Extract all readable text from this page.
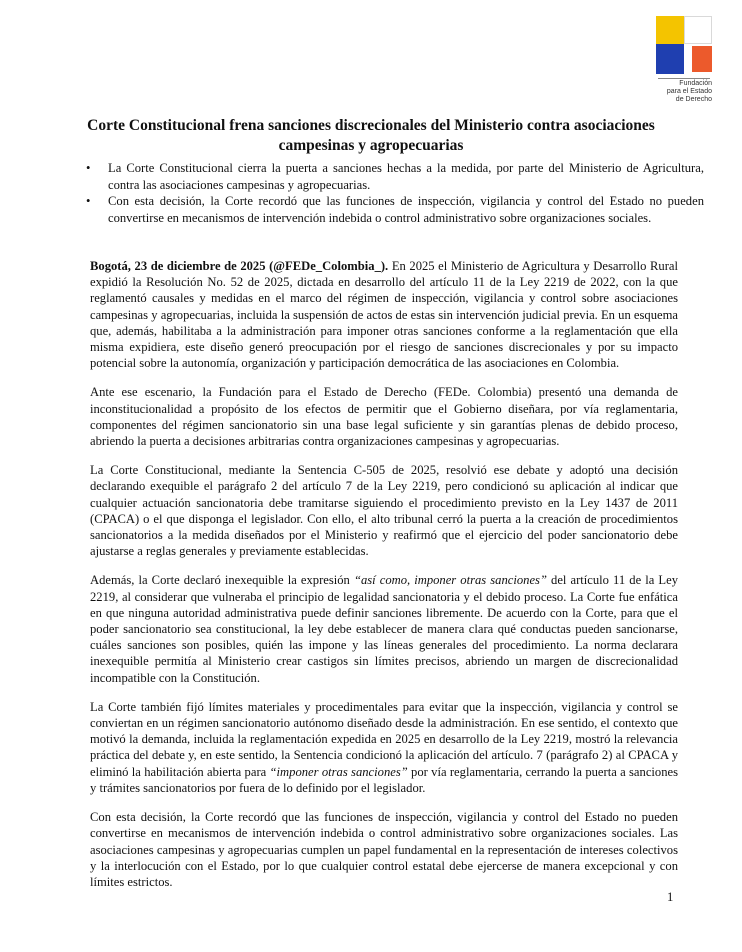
Fundación
para el Estado
de Derecho
Corte Constitucional frena sanciones discrecionales del Ministerio contra asociaciones campesinas y agropecuarias
• La Corte Constitucional cierra la puerta a sanciones hechas a la medida, por parte del Ministerio de Agricultura, contra las asociaciones campesinas y agropecuarias.
• Con esta decisión, la Corte recordó que las funciones de inspección, vigilancia y control del Estado no pueden convertirse en mecanismos de intervención indebida o control administrativo sobre organizaciones sociales.

Bogotá, 23 de diciembre de 2025 (@FEDe_Colombia_). En 2025 el Ministerio de Agricultura y Desarrollo Rural expidió la Resolución No. 52 de 2025, dictada en desarrollo del artículo 11 de la Ley 2219 de 2022, con la que reglamentó causales y medidas en el marco del régimen de inspección, vigilancia y control sobre asociaciones campesinas y agropecuarias, incluida la suspensión de actos de estas sin intervención judicial previa. En un esquema que, además, habilitaba a la administración para imponer otras sanciones conforme a la reglamentación que ella misma expidiera, este diseño generó preocupación por el riesgo de sanciones discrecionales y por su impacto potencial sobre la autonomía, organización y participación democrática de las asociaciones en Colombia.

Ante ese escenario, la Fundación para el Estado de Derecho (FEDe. Colombia) presentó una demanda de inconstitucionalidad a propósito de los efectos de permitir que el Gobierno diseñara, por vía reglamentaria, componentes del régimen sancionatorio sin una base legal suficiente y sin garantías plenas de debido proceso, abriendo la puerta a decisiones arbitrarias contra organizaciones campesinas y agropecuarias.

La Corte Constitucional, mediante la Sentencia C-505 de 2025, resolvió ese debate y adoptó una decisión declarando exequible el parágrafo 2 del artículo 7 de la Ley 2219, pero condicionó su aplicación al indicar que cualquier actuación sancionatoria debe tramitarse siguiendo el procedimiento previsto en la Ley 1437 de 2011 (CPACA) o el que disponga el legislador. Con ello, el alto tribunal cerró la puerta a la creación de procedimientos sancionatorios a la medida diseñados por el Ministerio y reafirmó que el ejercicio del poder sancionatorio debe ajustarse a reglas generales y previamente establecidas.

Además, la Corte declaró inexequible la expresión “así como, imponer otras sanciones” del artículo 11 de la Ley 2219, al considerar que vulneraba el principio de legalidad sancionatoria y el debido proceso. La Corte fue enfática en que ninguna autoridad administrativa puede definir sanciones libremente. De acuerdo con la Corte, para que el poder sancionatorio sea constitucional, la ley debe establecer de manera clara qué conductas pueden sancionarse, cuáles sanciones son posibles, quién las impone y las líneas generales del procedimiento. La norma declarara inexequible permitía al Ministerio crear castigos sin límites precisos, abriendo un margen de discrecionalidad incompatible con la Constitución.

La Corte también fijó límites materiales y procedimentales para evitar que la inspección, vigilancia y control se conviertan en un régimen sancionatorio autónomo diseñado desde la administración. En ese sentido, el contexto que motivó la demanda, incluida la reglamentación expedida en 2025 en desarrollo de la Ley 2219, mostró la relevancia práctica del debate y, en este sentido, la Sentencia condicionó la aplicación del artículo. 7 (parágrafo 2) al CPACA y eliminó la habilitación abierta para “imponer otras sanciones” por vía reglamentaria, cerrando la puerta a sanciones y trámites sancionatorios por fuera de lo definido por el legislador.

Con esta decisión, la Corte recordó que las funciones de inspección, vigilancia y control del Estado no pueden convertirse en mecanismos de intervención indebida o control administrativo sobre organizaciones sociales. Las asociaciones campesinas y agropecuarias cumplen un papel fundamental en la representación de intereses colectivos y la interlocución con el Estado, por lo que cualquier control estatal debe ejercerse de manera excepcional y con límites estrictos.

1
